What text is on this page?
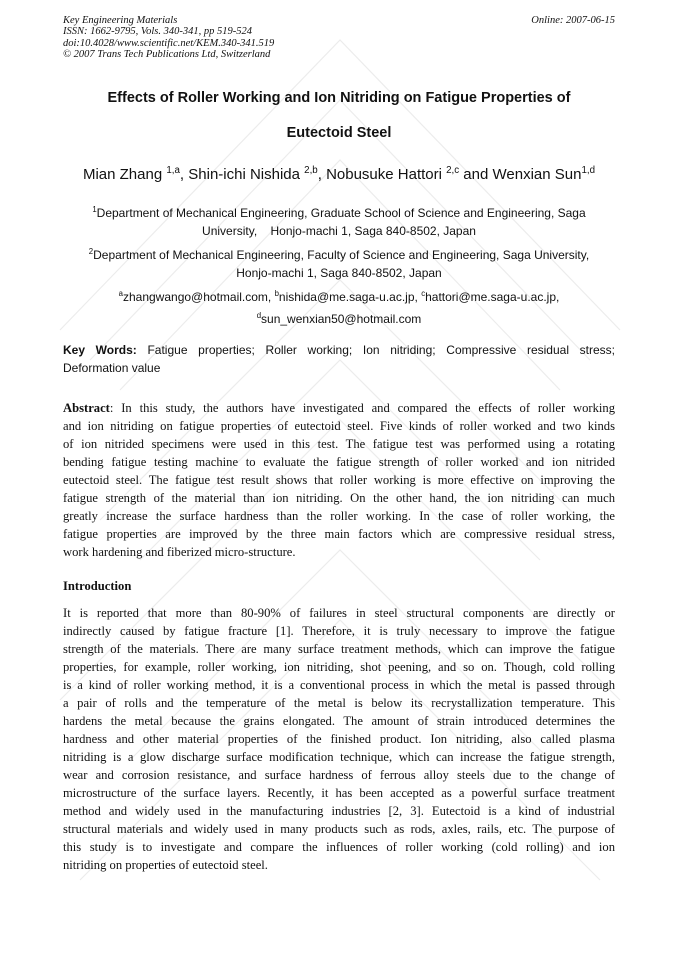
Key Engineering Materials
ISSN: 1662-9795, Vols. 340-341, pp 519-524
doi:10.4028/www.scientific.net/KEM.340-341.519
© 2007 Trans Tech Publications Ltd, Switzerland
Online: 2007-06-15
Effects of Roller Working and Ion Nitriding on Fatigue Properties of
Eutectoid Steel
Mian Zhang $^{1,a}$, Shin-ichi Nishida $^{2,b}$, Nobusuke Hattori $^{2,c}$ and Wenxian Sun$^{1,d}$
$^1$Department of Mechanical Engineering, Graduate School of Science and Engineering, Saga
University,    Honjo-machi 1, Saga 840-8502, Japan
$^2$Department of Mechanical Engineering, Faculty of Science and Engineering, Saga University,
Honjo-machi 1, Saga 840-8502, Japan
$^a$zhangwango@hotmail.com, $^b$nishida@me.saga-u.ac.jp, $^c$hattori@me.saga-u.ac.jp,
$^d$sun_wenxian50@hotmail.com
Key Words: Fatigue properties; Roller working; Ion nitriding; Compressive residual stress;
Deformation value
Abstract: In this study, the authors have investigated and compared the effects of roller working
and ion nitriding on fatigue properties of eutectoid steel. Five kinds of roller worked and two kinds
of ion nitrided specimens were used in this test. The fatigue test was performed using a rotating
bending fatigue testing machine to evaluate the fatigue strength of roller worked and ion nitrided
eutectoid steel. The fatigue test result shows that roller working is more effective on improving the
fatigue strength of the material than ion nitriding. On the other hand, the ion nitriding can much
greatly increase the surface hardness than the roller working. In the case of roller working, the
fatigue properties are improved by the three main factors which are compressive residual stress,
work hardening and fiberized micro-structure.
Introduction
It is reported that more than 80-90% of failures in steel structural components are directly or
indirectly caused by fatigue fracture [1]. Therefore, it is truly necessary to improve the fatigue
strength of the materials. There are many surface treatment methods, which can improve the fatigue
properties, for example, roller working, ion nitriding, shot peening, and so on. Though, cold rolling
is a kind of roller working method, it is a conventional process in which the metal is passed through
a pair of rolls and the temperature of the metal is below its recrystallization temperature. This
hardens the metal because the grains elongated. The amount of strain introduced determines the
hardness and other material properties of the finished product. Ion nitriding, also called plasma
nitriding is a glow discharge surface modification technique, which can increase the fatigue strength,
wear and corrosion resistance, and surface hardness of ferrous alloy steels due to the change of
microstructure of the surface layers. Recently, it has been accepted as a powerful surface treatment
method and widely used in the manufacturing industries [2, 3]. Eutectoid is a kind of industrial
structural materials and widely used in many products such as rods, axles, rails, etc. The purpose of
this study is to investigate and compare the influences of roller working (cold rolling) and ion
nitriding on properties of eutectoid steel.
